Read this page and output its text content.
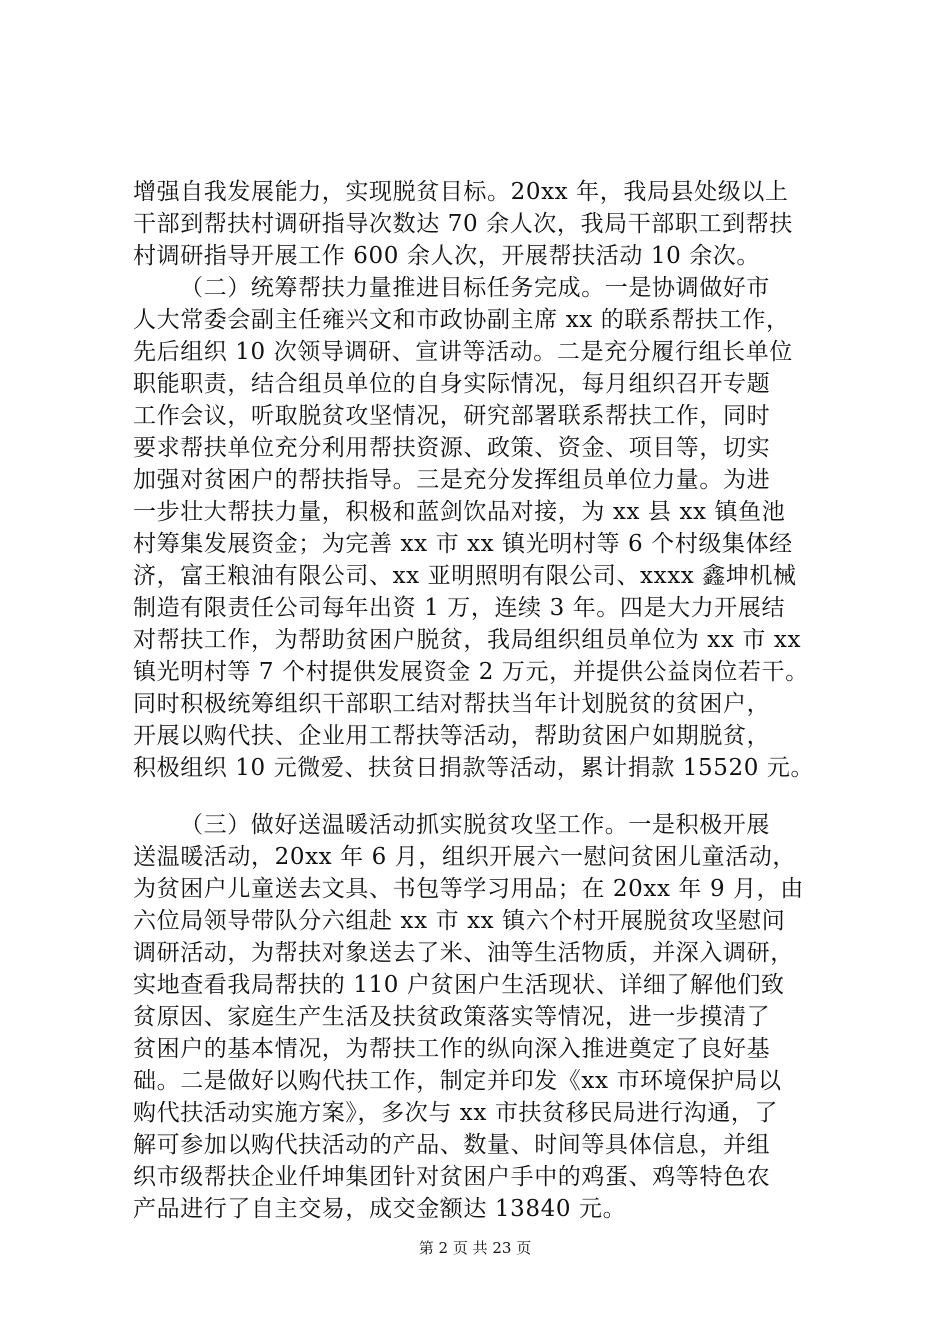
增强自我发展能力，实现脱贫目标。20xx 年，我局县处级以上
干部到帮扶村调研指导次数达 70 余人次，我局干部职工到帮扶
村调研指导开展工作 600 余人次，开展帮扶活动 10 余次。
（二）统筹帮扶力量推进目标任务完成。一是协调做好市
人大常委会副主任雍兴文和市政协副主席 xx 的联系帮扶工作，
先后组织 10 次领导调研、宣讲等活动。二是充分履行组长单位
职能职责，结合组员单位的自身实际情况，每月组织召开专题
工作会议，听取脱贫攻坚情况，研究部署联系帮扶工作，同时
要求帮扶单位充分利用帮扶资源、政策、资金、项目等，切实
加强对贫困户的帮扶指导。三是充分发挥组员单位力量。为进
一步壮大帮扶力量，积极和蓝剑饮品对接，为 xx 县 xx 镇鱼池
村筹集发展资金；为完善 xx 市 xx 镇光明村等 6 个村级集体经
济，富王粮油有限公司、xx 亚明照明有限公司、xxxx 鑫坤机械
制造有限责任公司每年出资 1 万，连续 3 年。四是大力开展结
对帮扶工作，为帮助贫困户脱贫，我局组织组员单位为 xx 市 xx
镇光明村等 7 个村提供发展资金 2 万元，并提供公益岗位若干。
同时积极统筹组织干部职工结对帮扶当年计划脱贫的贫困户，
开展以购代扶、企业用工帮扶等活动，帮助贫困户如期脱贫，
积极组织 10 元微爱、扶贫日捐款等活动，累计捐款 15520 元。
（三）做好送温暖活动抓实脱贫攻坚工作。一是积极开展
送温暖活动，20xx 年 6 月，组织开展六一慰问贫困儿童活动，
为贫困户儿童送去文具、书包等学习用品；在 20xx 年 9 月，由
六位局领导带队分六组赴 xx 市 xx 镇六个村开展脱贫攻坚慰问
调研活动，为帮扶对象送去了米、油等生活物质，并深入调研，
实地查看我局帮扶的 110 户贫困户生活现状、详细了解他们致
贫原因、家庭生产生活及扶贫政策落实等情况，进一步摸清了
贫困户的基本情况，为帮扶工作的纵向深入推进奠定了良好基
础。二是做好以购代扶工作，制定并印发《xx 市环境保护局以
购代扶活动实施方案》，多次与 xx 市扶贫移民局进行沟通，了
解可参加以购代扶活动的产品、数量、时间等具体信息，并组
织市级帮扶企业仟坤集团针对贫困户手中的鸡蛋、鸡等特色农
产品进行了自主交易，成交金额达 13840 元。
第 2 页 共 23 页
